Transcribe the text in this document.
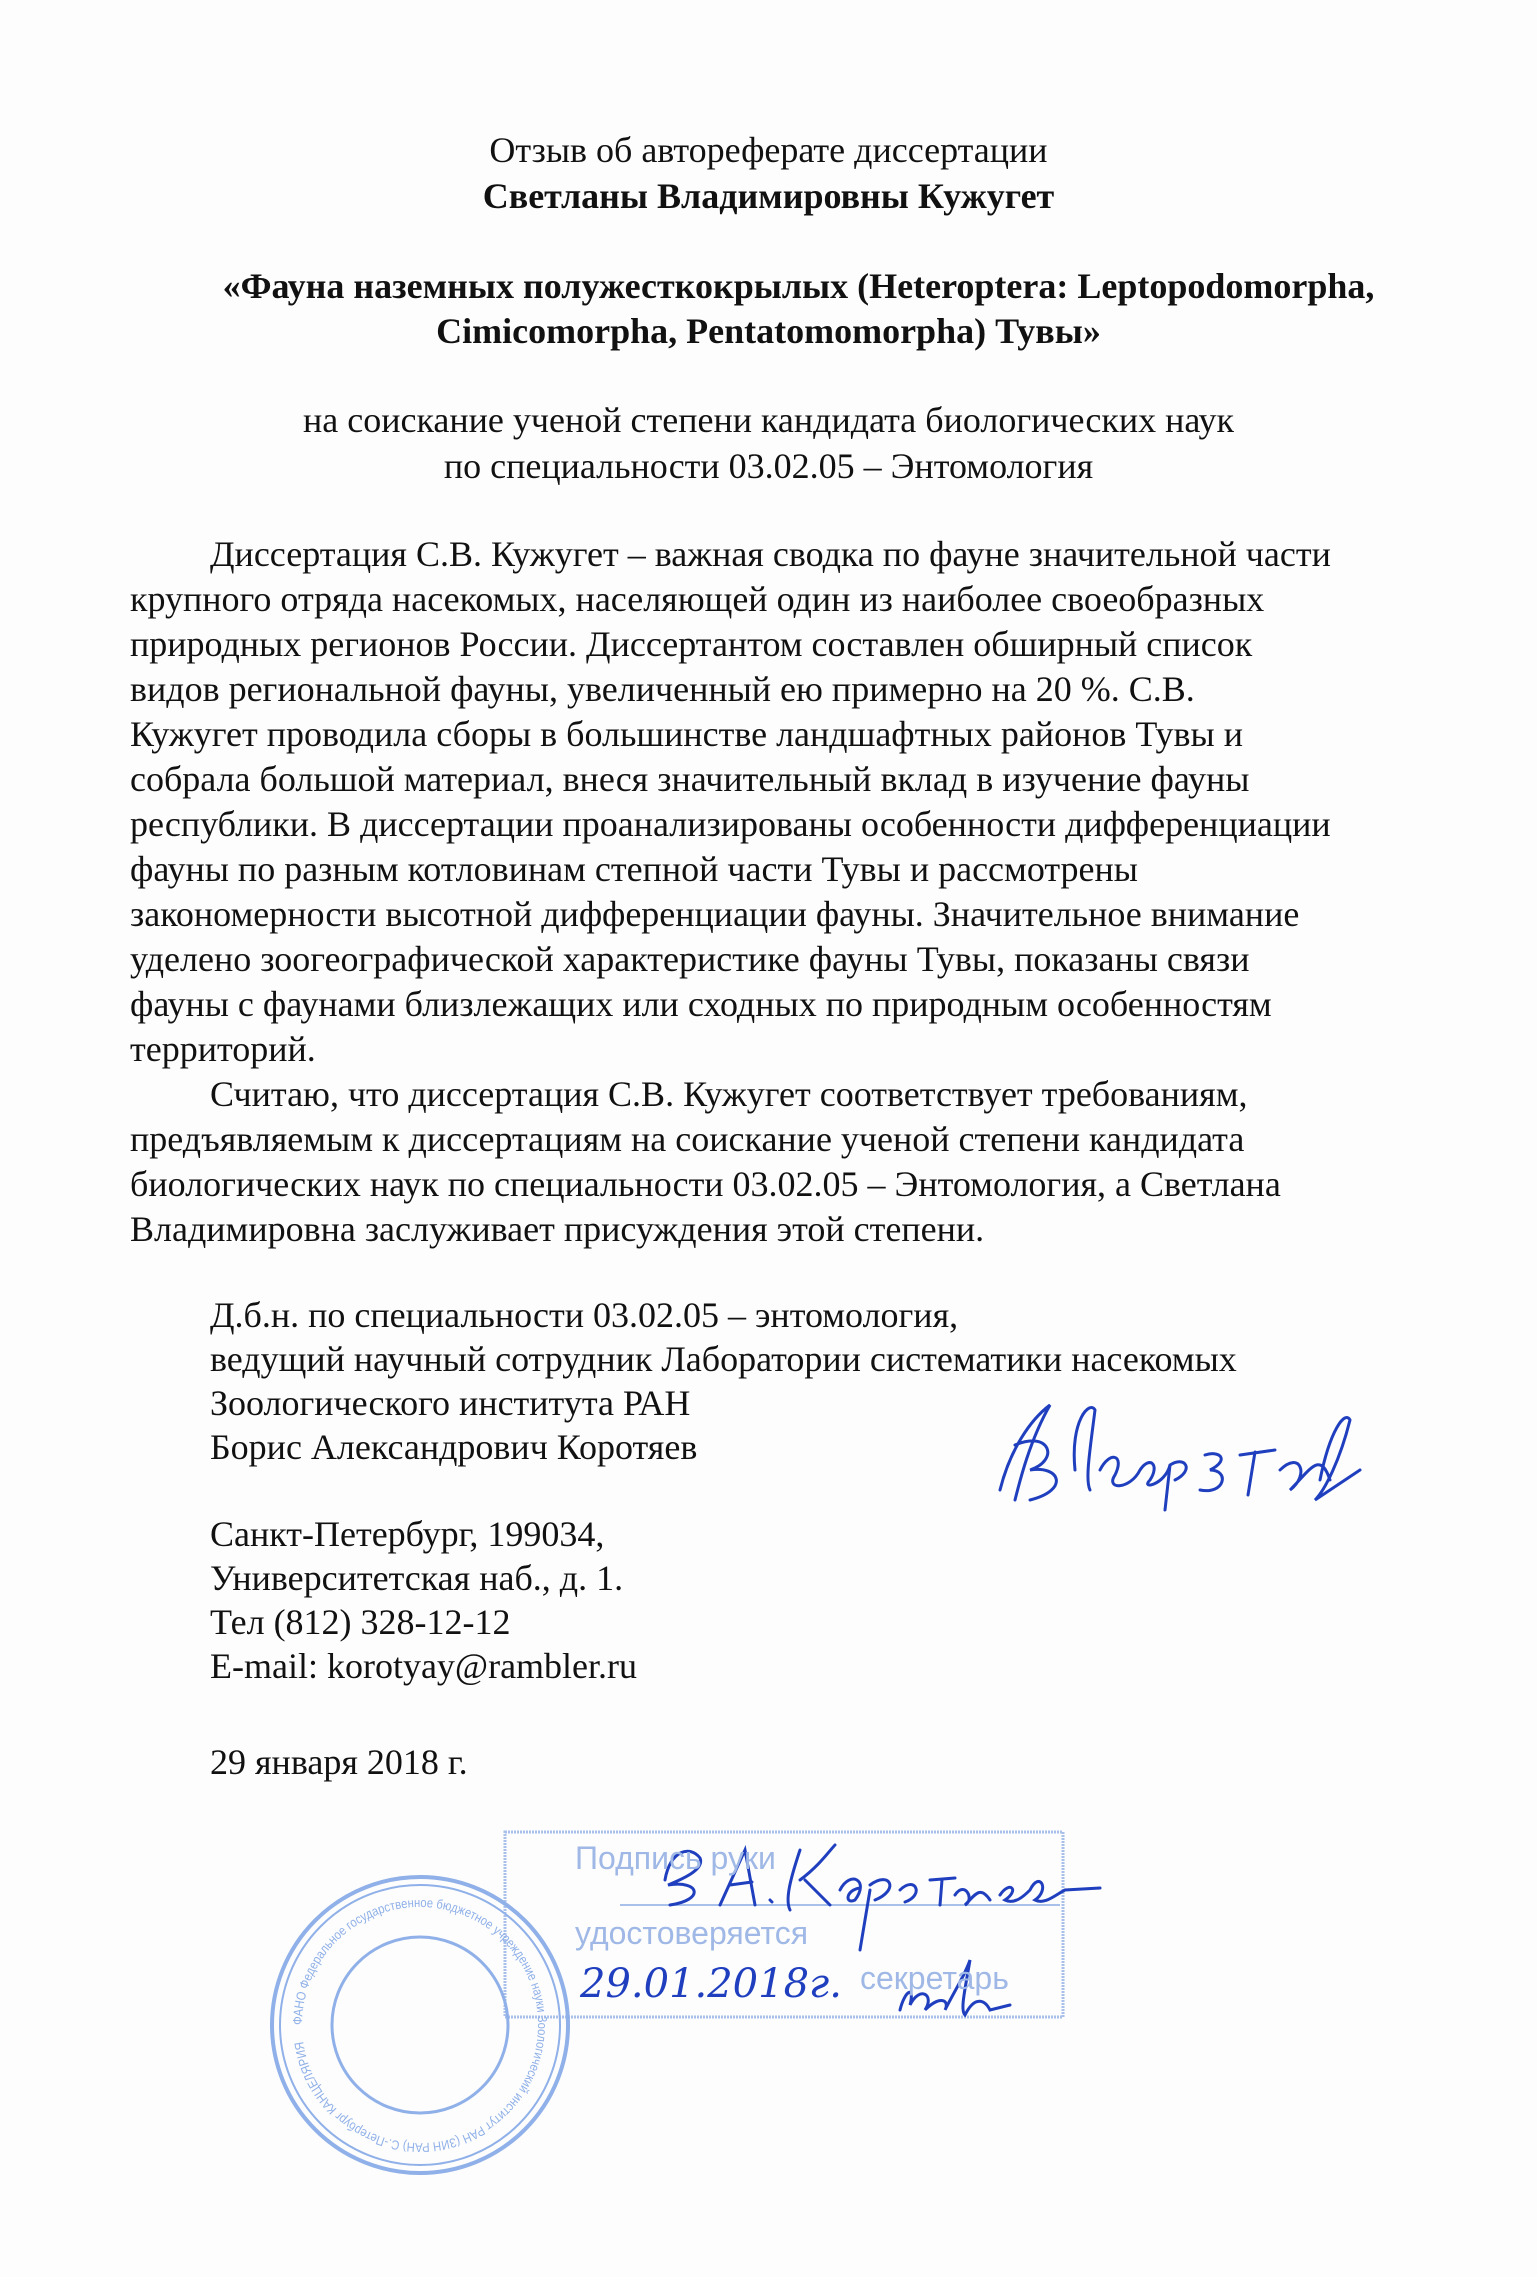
Отзыв об автореферате диссертации
Светланы Владимировны Кужугет
«Фауна наземных полужесткокрылых (Heteroptera: Leptopodomorpha,
Cimicomorpha, Pentatomomorpha) Тувы»
на соискание ученой степени кандидата биологических наук
по специальности 03.02.05 – Энтомология
Диссертация С.В. Кужугет – важная сводка по фауне значительной части
крупного отряда насекомых, населяющей один из наиболее своеобразных
природных регионов России. Диссертантом составлен обширный список
видов региональной фауны, увеличенный ею примерно на 20 %. С.В.
Кужугет проводила сборы в большинстве ландшафтных районов Тувы и
собрала большой материал, внеся значительный вклад в изучение фауны
республики. В диссертации проанализированы особенности дифференциации
фауны по разным котловинам степной части Тувы и рассмотрены
закономерности высотной дифференциации фауны. Значительное внимание
уделено зоогеографической характеристике фауны Тувы, показаны связи
фауны с фаунами близлежащих или сходных по природным особенностям
территорий.
Считаю, что диссертация С.В. Кужугет соответствует требованиям,
предъявляемым к диссертациям на соискание ученой степени кандидата
биологических наук по специальности 03.02.05 – Энтомология, а Светлана
Владимировна заслуживает присуждения этой степени.
Д.б.н. по специальности 03.02.05 – энтомология,
ведущий научный сотрудник Лаборатории систематики насекомых
Зоологического института РАН
Борис Александрович Коротяев
Санкт-Петербург, 199034,
Университетская наб., д. 1.
Тел (812) 328-12-12
E-mail: korotyay@rambler.ru
29 января 2018 г.
ФАНО Федеральное государственное бюджетное учреждение науки Зоологический институт РАН (ЗИН РАН) С.-Петербург КАНЦЕЛЯРИЯ
Подпись руки
удостоверяется
секретарь
29.01.2018г.
